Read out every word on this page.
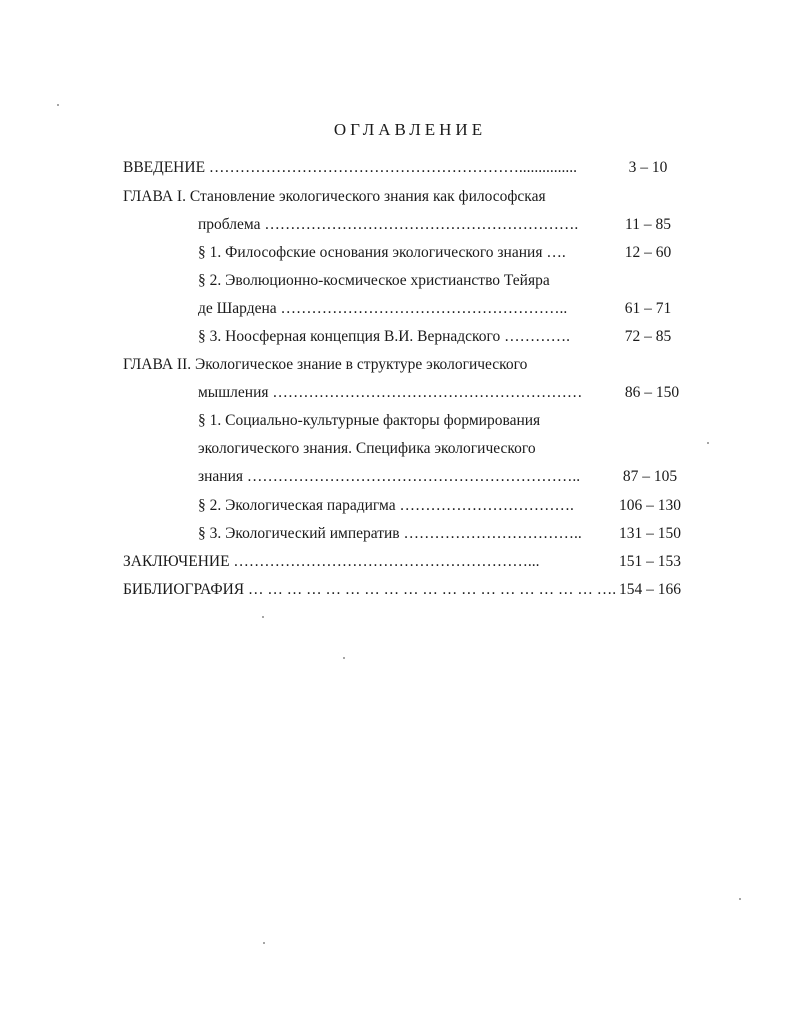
ОГЛАВЛЕНИЕ
ВВЕДЕНИЕ ……………………………………………………...............	3 – 10
ГЛАВА I. Становление экологического знания как философская
проблема …………………………………………………….	11 – 85
§ 1. Философские основания экологического знания ….	12 – 60
§ 2. Эволюционно-космическое христианство Тейяра
де Шардена ………………………………………………..	61 – 71
§ 3. Ноосферная концепция В.И. Вернадского ………….	72 – 85
ГЛАВА II. Экологическое знание в структуре экологического
мышления ……………………………………………………	86 – 150
§ 1. Социально-культурные факторы формирования
экологического знания. Специфика экологического
знания ………………………………………………………..	87 – 105
§ 2. Экологическая парадигма …………………………….	106 – 130
§ 3. Экологический императив ……………………………..	131 – 150
ЗАКЛЮЧЕНИЕ …………………………………………………...	151 – 153
БИБЛИОГРАФИЯ … … … … … … … … … … … … … … … … … … …. 154 – 166
